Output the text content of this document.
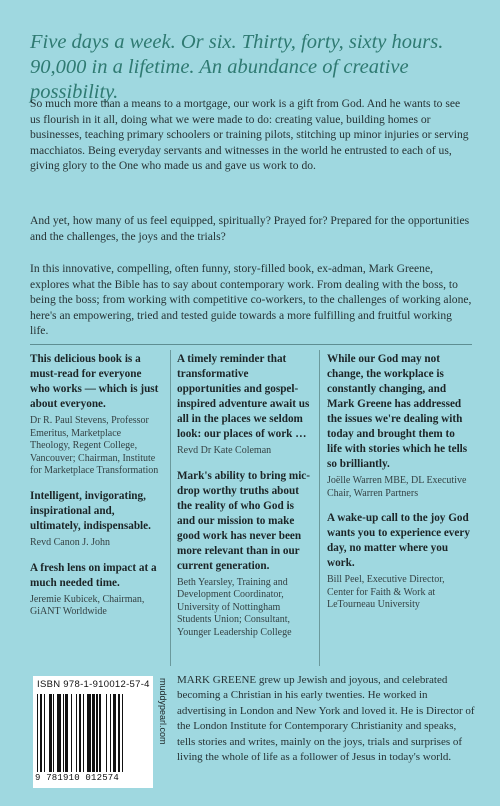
Five days a week. Or six. Thirty, forty, sixty hours. 90,000 in a lifetime. An abundance of creative possibility.

So much more than a means to a mortgage, our work is a gift from God. And he wants to see us flourish in it all, doing what we were made to do: creating value, building homes or businesses, teaching primary schoolers or training pilots, stitching up minor injuries or serving macchiatos. Being everyday servants and witnesses in the world he entrusted to each of us, giving glory to the One who made us and gave us work to do.

And yet, how many of us feel equipped, spiritually? Prayed for? Prepared for the opportunities and the challenges, the joys and the trials?

In this innovative, compelling, often funny, story-filled book, ex-adman, Mark Greene, explores what the Bible has to say about contemporary work. From dealing with the boss, to being the boss; from working with competitive co-workers, to the challenges of working alone, here's an empowering, tried and tested guide towards a more fulfilling and fruitful working life.

This delicious book is a must-read for everyone who works — which is just about everyone.

Dr R. Paul Stevens, Professor Emeritus, Marketplace Theology, Regent College, Vancouver; Chairman, Institute for Marketplace Transformation

Intelligent, invigorating, inspirational and, ultimately, indispensable.

Revd Canon J. John

A fresh lens on impact at a much needed time.

Jeremie Kubicek, Chairman, GiANT Worldwide

A timely reminder that transformative opportunities and gospel-inspired adventure await us all in the places we seldom look: our places of work …

Revd Dr Kate Coleman

Mark's ability to bring mic-drop worthy truths about the reality of who God is and our mission to make good work has never been more relevant than in our current generation.

Beth Yearsley, Training and Development Coordinator, University of Nottingham Students Union; Consultant, Younger Leadership College

While our God may not change, the workplace is constantly changing, and Mark Greene has addressed the issues we're dealing with today and brought them to life with stories which he tells so brilliantly.

Joëlle Warren MBE, DL Executive Chair, Warren Partners

A wake-up call to the joy God wants you to experience every day, no matter where you work.

Bill Peel, Executive Director, Center for Faith & Work at LeTourneau University

ISBN 978-1-910012-57-4
9 781910 012574
muddypearl.com MARK GREENE grew up Jewish and joyous, and celebrated becoming a Christian in his early twenties. He worked in advertising in London and New York and loved it. He is Director of the London Institute for Contemporary Christianity and speaks, tells stories and writes, mainly on the joys, trials and surprises of living the whole of life as a follower of Jesus in today's world.
